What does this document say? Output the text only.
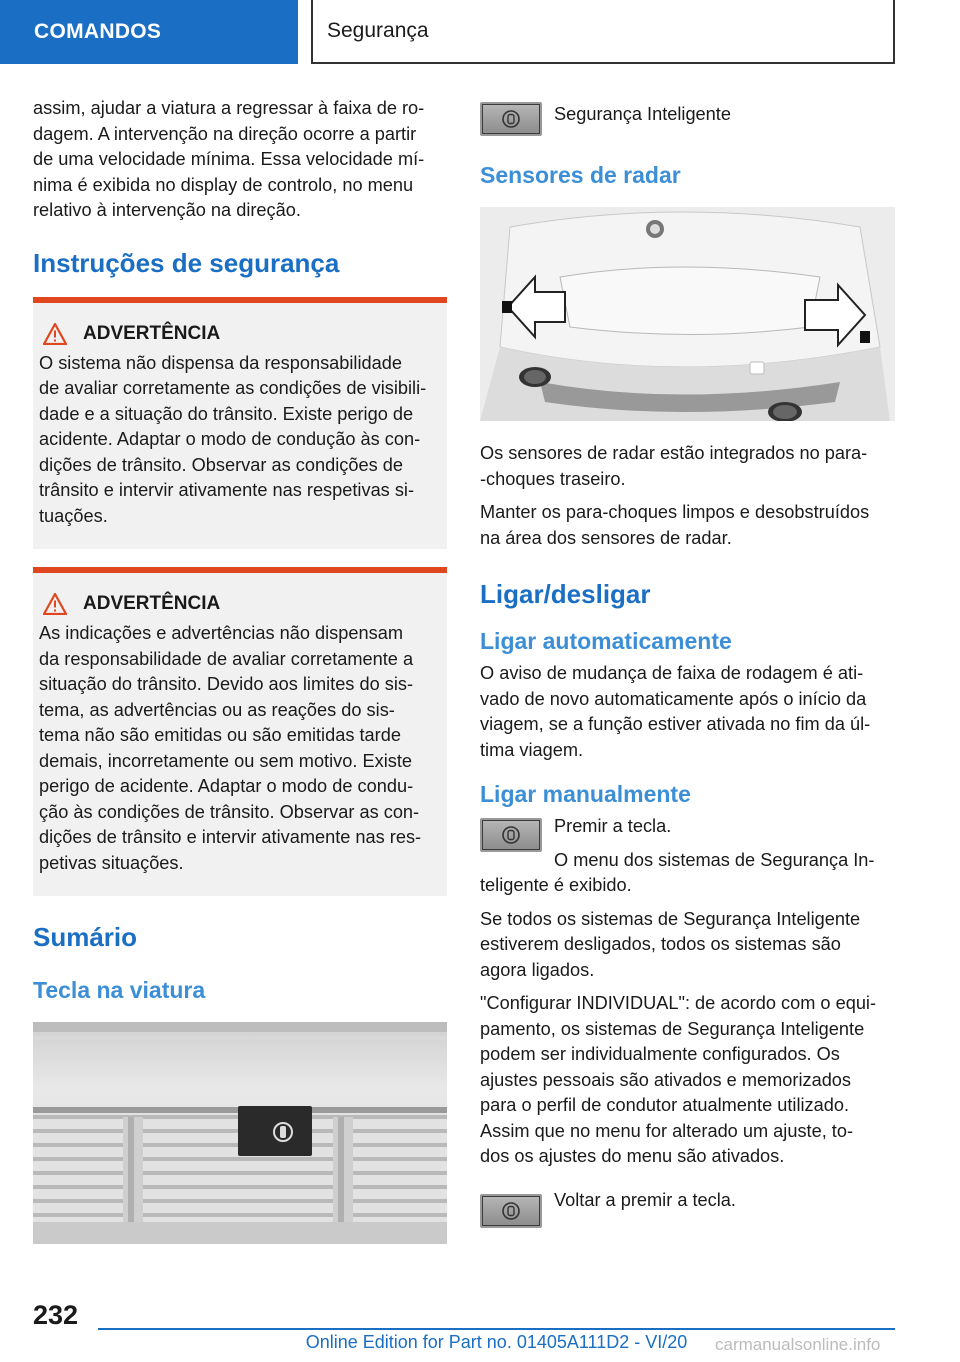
COMANDOS	Segurança

assim, ajudar a viatura a regressar à faixa de ro-
dagem. A intervenção na direção ocorre a partir
de uma velocidade mínima. Essa velocidade mí-
nima é exibida no display de controlo, no menu
relativo à intervenção na direção.

Instruções de segurança
ADVERTÊNCIA

O sistema não dispensa da responsabilidade
de avaliar corretamente as condições de visibili-
dade e a situação do trânsito. Existe perigo de
acidente. Adaptar o modo de condução às con-
dições de trânsito. Observar as condições de
trânsito e intervir ativamente nas respetivas si-
tuações.

ADVERTÊNCIA

As indicações e advertências não dispensam
da responsabilidade de avaliar corretamente a
situação do trânsito. Devido aos limites do sis-
tema, as advertências ou as reações do sis-
tema não são emitidas ou são emitidas tarde
demais, incorretamente ou sem motivo. Existe
perigo de acidente. Adaptar o modo de condu-
ção às condições de trânsito. Observar as con-
dições de trânsito e intervir ativamente nas res-
petivas situações.

Sumário
Tecla na viatura

Segurança Inteligente

Sensores de radar

Os sensores de radar estão integrados no para-
-choques traseiro.

Manter os para-choques limpos e desobstruídos
na área dos sensores de radar.

Ligar/desligar
Ligar automaticamente

O aviso de mudança de faixa de rodagem é ati-
vado de novo automaticamente após o início da
viagem, se a função estiver ativada no fim da úl-
tima viagem.

Ligar manualmente

Premir a tecla.

O menu dos sistemas de Segurança In-

teligente é exibido.

Se todos os sistemas de Segurança Inteligente
estiverem desligados, todos os sistemas são
agora ligados.

"Configurar INDIVIDUAL": de acordo com o equi-
pamento, os sistemas de Segurança Inteligente
podem ser individualmente configurados. Os
ajustes pessoais são ativados e memorizados
para o perfil de condutor atualmente utilizado.
Assim que no menu for alterado um ajuste, to-
dos os ajustes do menu são ativados.

Voltar a premir a tecla.

232
Online Edition for Part no. 01405A111D2 - VI/20	carmanualsonline.info
